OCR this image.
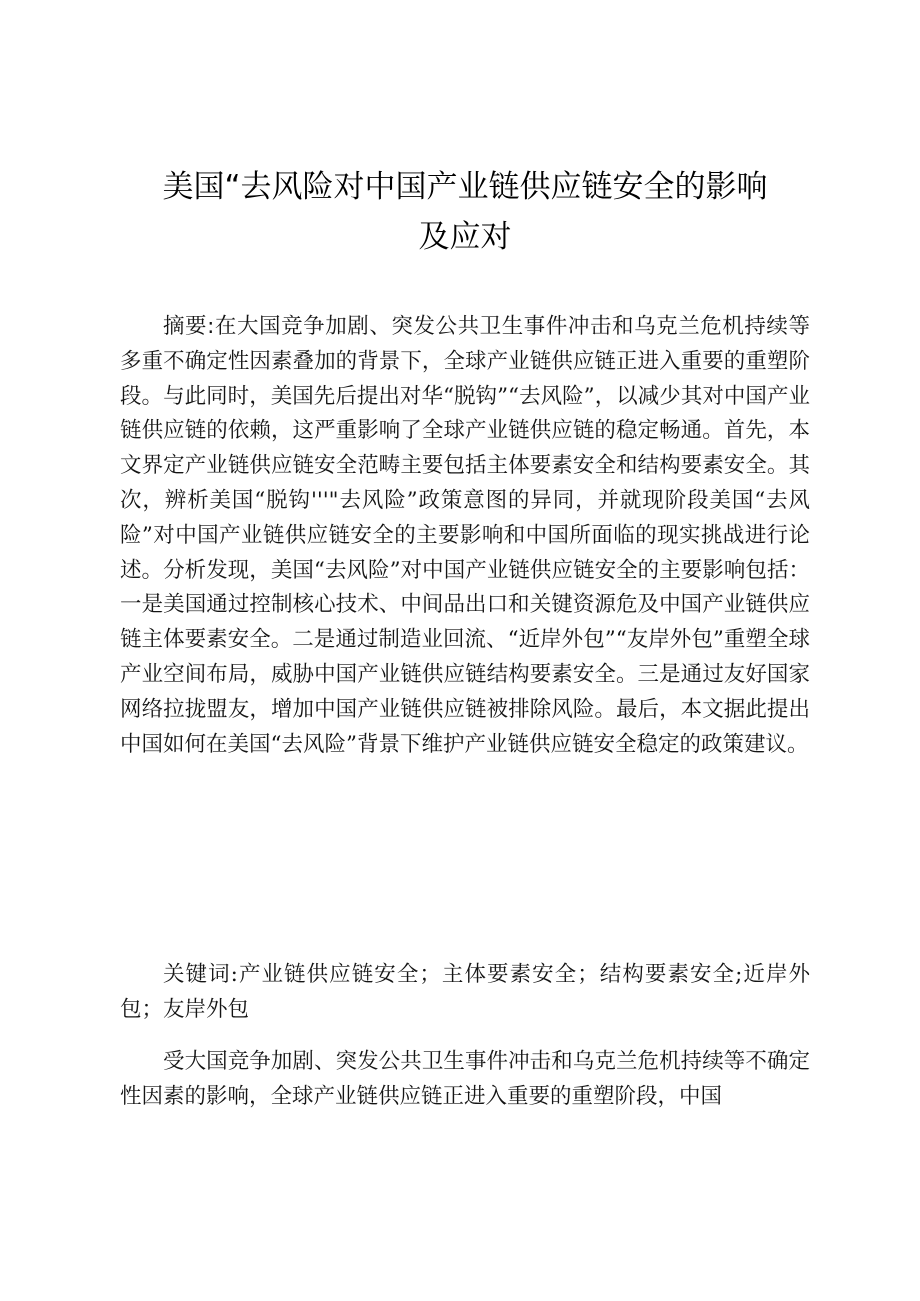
美国“去风险对中国产业链供应链安全的影响
及应对

摘要:在大国竞争加剧、突发公共卫生事件冲击和乌克兰危机持续等多重不确定性因素叠加的背景下，全球产业链供应链正进入重要的重塑阶段。与此同时，美国先后提出对华“脱钩”“去风险”，以减少其对中国产业链供应链的依赖，这严重影响了全球产业链供应链的稳定畅通。首先，本文界定产业链供应链安全范畴主要包括主体要素安全和结构要素安全。其次，辨析美国“脱钩'''"去风险”政策意图的异同，并就现阶段美国“去风险”对中国产业链供应链安全的主要影响和中国所面临的现实挑战进行论述。分析发现，美国“去风险”对中国产业链供应链安全的主要影响包括：一是美国通过控制核心技术、中间品出口和关键资源危及中国产业链供应链主体要素安全。二是通过制造业回流、“近岸外包”“友岸外包”重塑全球产业空间布局，威胁中国产业链供应链结构要素安全。三是通过友好国家网络拉拢盟友，增加中国产业链供应链被排除风险。最后，本文据此提出中国如何在美国“去风险”背景下维护产业链供应链安全稳定的政策建议。

关键词:产业链供应链安全；主体要素安全；结构要素安全;近岸外包；友岸外包

受大国竞争加剧、突发公共卫生事件冲击和乌克兰危机持续等不确定性因素的影响，全球产业链供应链正进入重要的重塑阶段，中国
